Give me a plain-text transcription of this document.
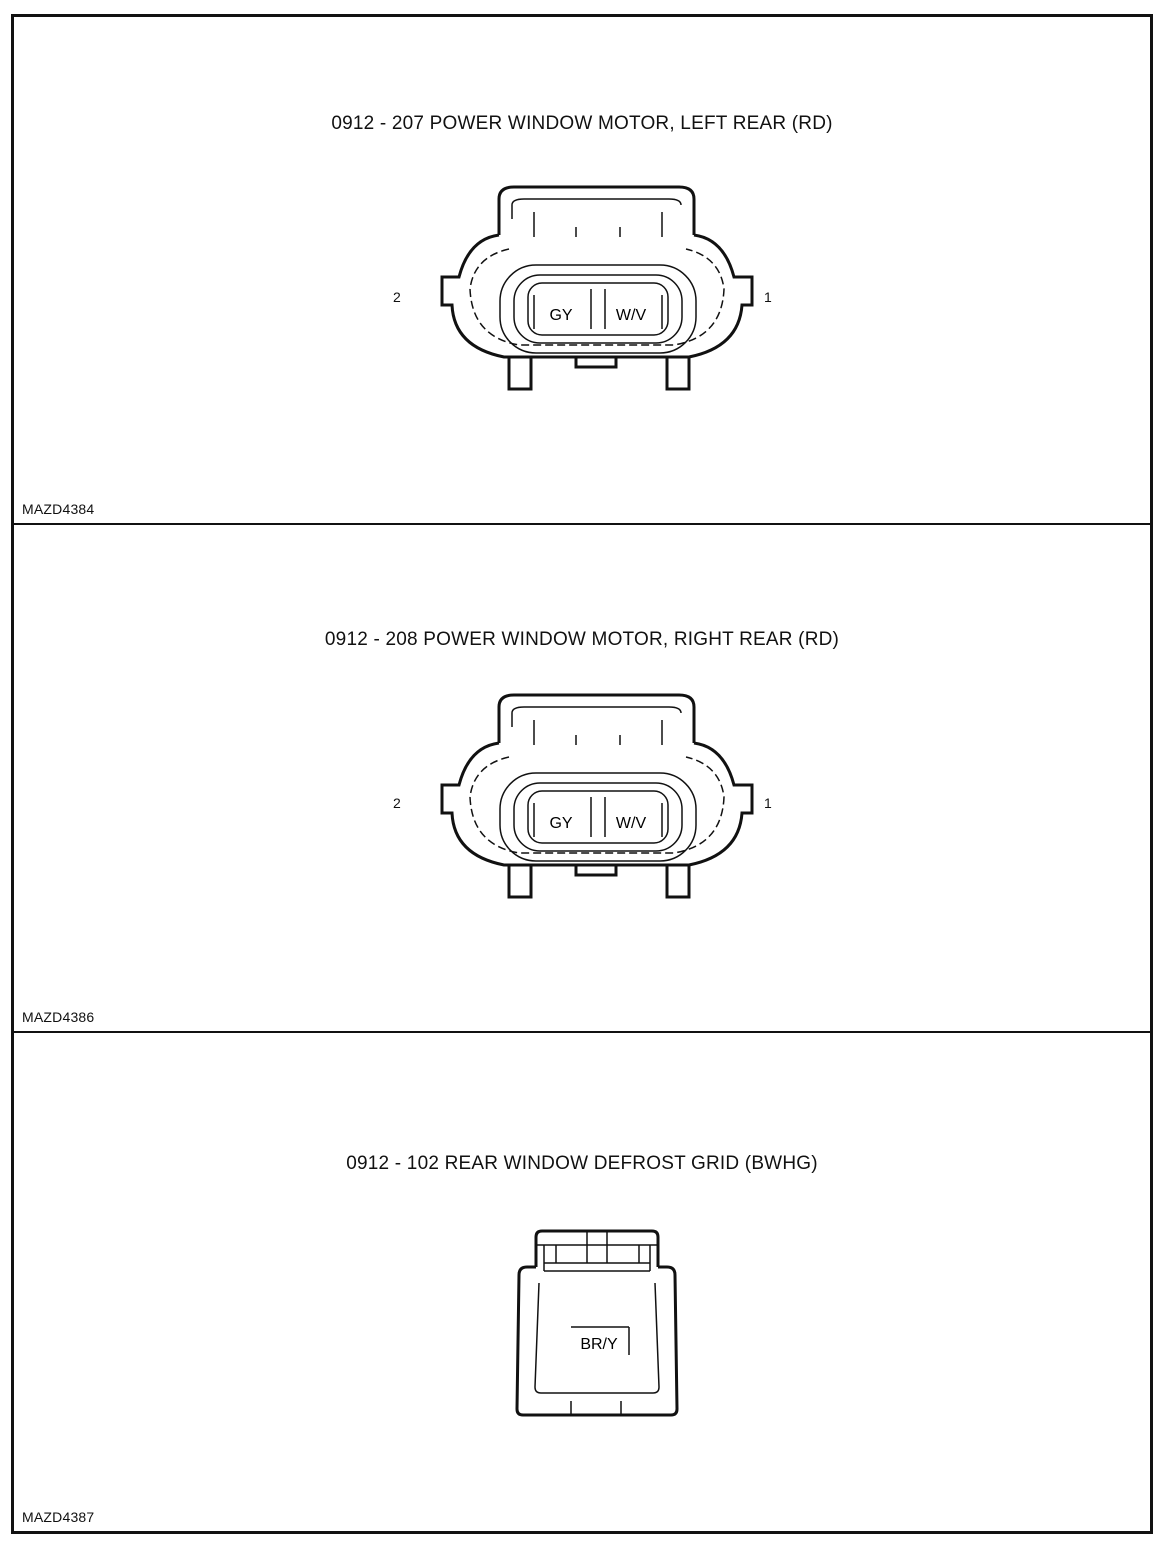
0912 - 207 POWER WINDOW MOTOR, LEFT REAR (RD)
2	1
GY	W/V
MAZD4384
0912 - 208 POWER WINDOW MOTOR, RIGHT REAR (RD)
2	1
GY	W/V
MAZD4386
0912 - 102 REAR WINDOW DEFROST GRID (BWHG)
BR/Y
MAZD4387
